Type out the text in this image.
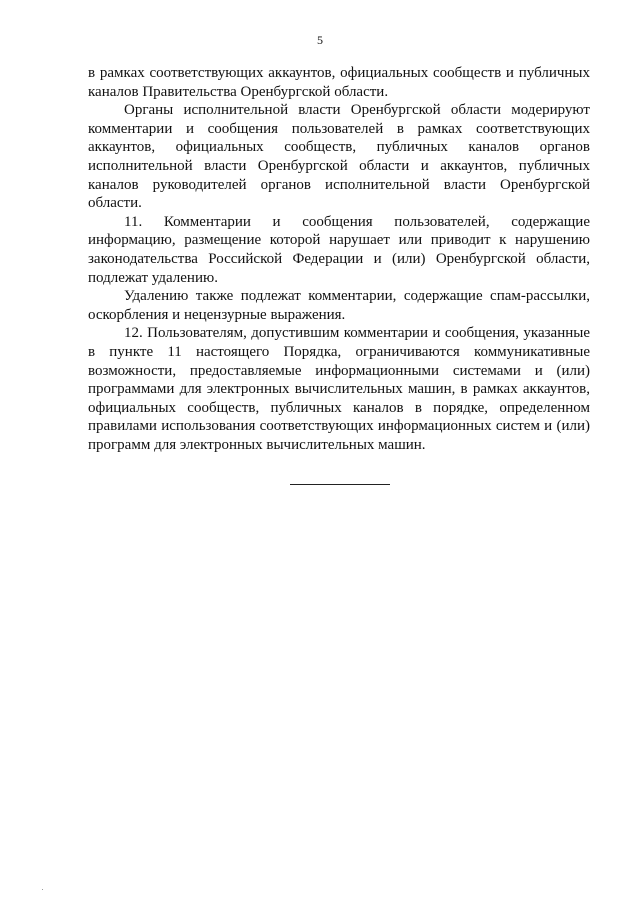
5

в рамках соответствующих аккаунтов, официальных сообществ и публичных каналов Правительства Оренбургской области.

Органы исполнительной власти Оренбургской области модерируют комментарии и сообщения пользователей в рамках соответствующих аккаунтов, официальных сообществ, публичных каналов органов исполнительной власти Оренбургской области и аккаунтов, публичных каналов руководителей органов исполнительной власти Оренбургской области.

11. Комментарии и сообщения пользователей, содержащие информацию, размещение которой нарушает или приводит к нарушению законодательства Российской Федерации и (или) Оренбургской области, подлежат удалению.

Удалению также подлежат комментарии, содержащие спам-рассылки, оскорбления и нецензурные выражения.

12. Пользователям, допустившим комментарии и сообщения, указанные в пункте 11 настоящего Порядка, ограничиваются коммуникативные возможности, предоставляемые информационными системами и (или) программами для электронных вычислительных машин, в рамках аккаунтов, официальных сообществ, публичных каналов в порядке, определенном правилами использования соответствующих информационных систем и (или) программ для электронных вычислительных машин.
